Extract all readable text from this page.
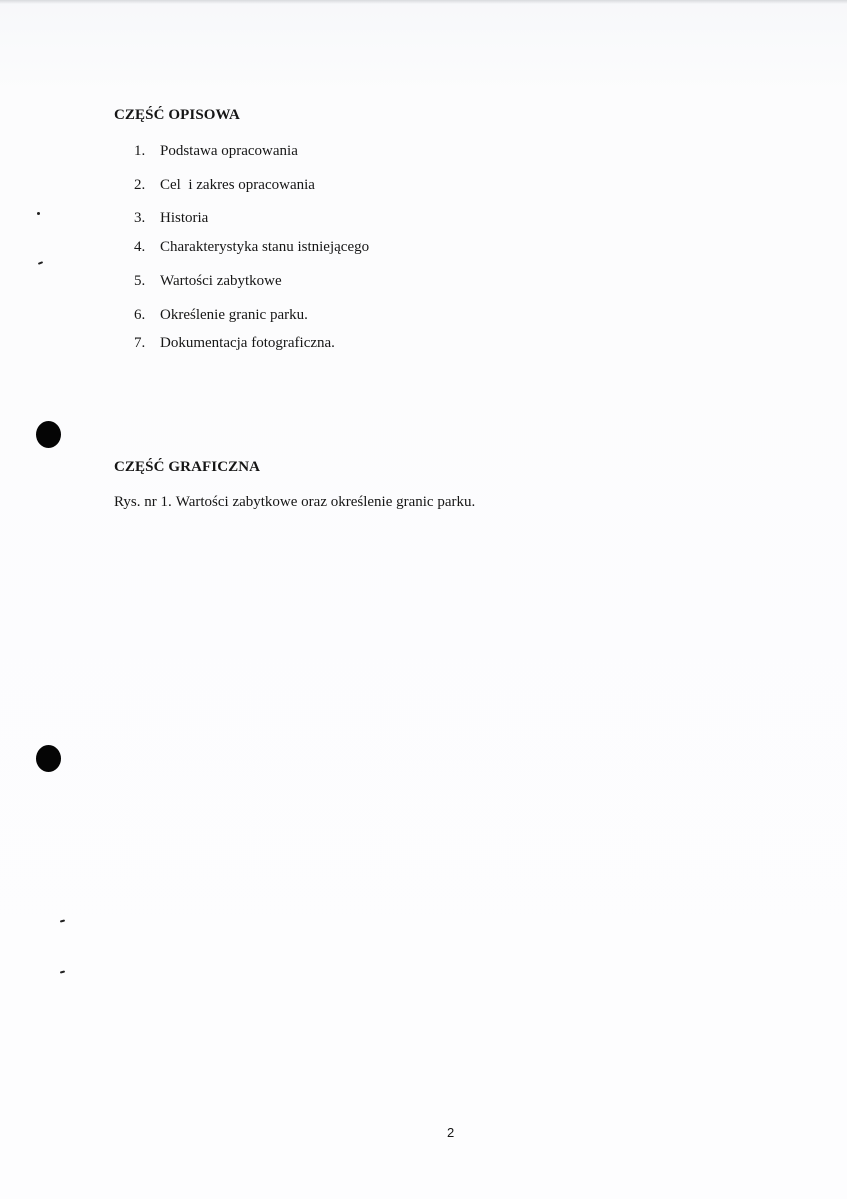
CZĘŚĆ OPISOWA
1. Podstawa opracowania
2. Cel  i zakres opracowania
3. Historia
4. Charakterystyka stanu istniejącego
5. Wartości zabytkowe
6. Określenie granic parku.
7. Dokumentacja fotograficzna.
CZĘŚĆ GRAFICZNA
Rys. nr 1. Wartości zabytkowe oraz określenie granic parku.
2
